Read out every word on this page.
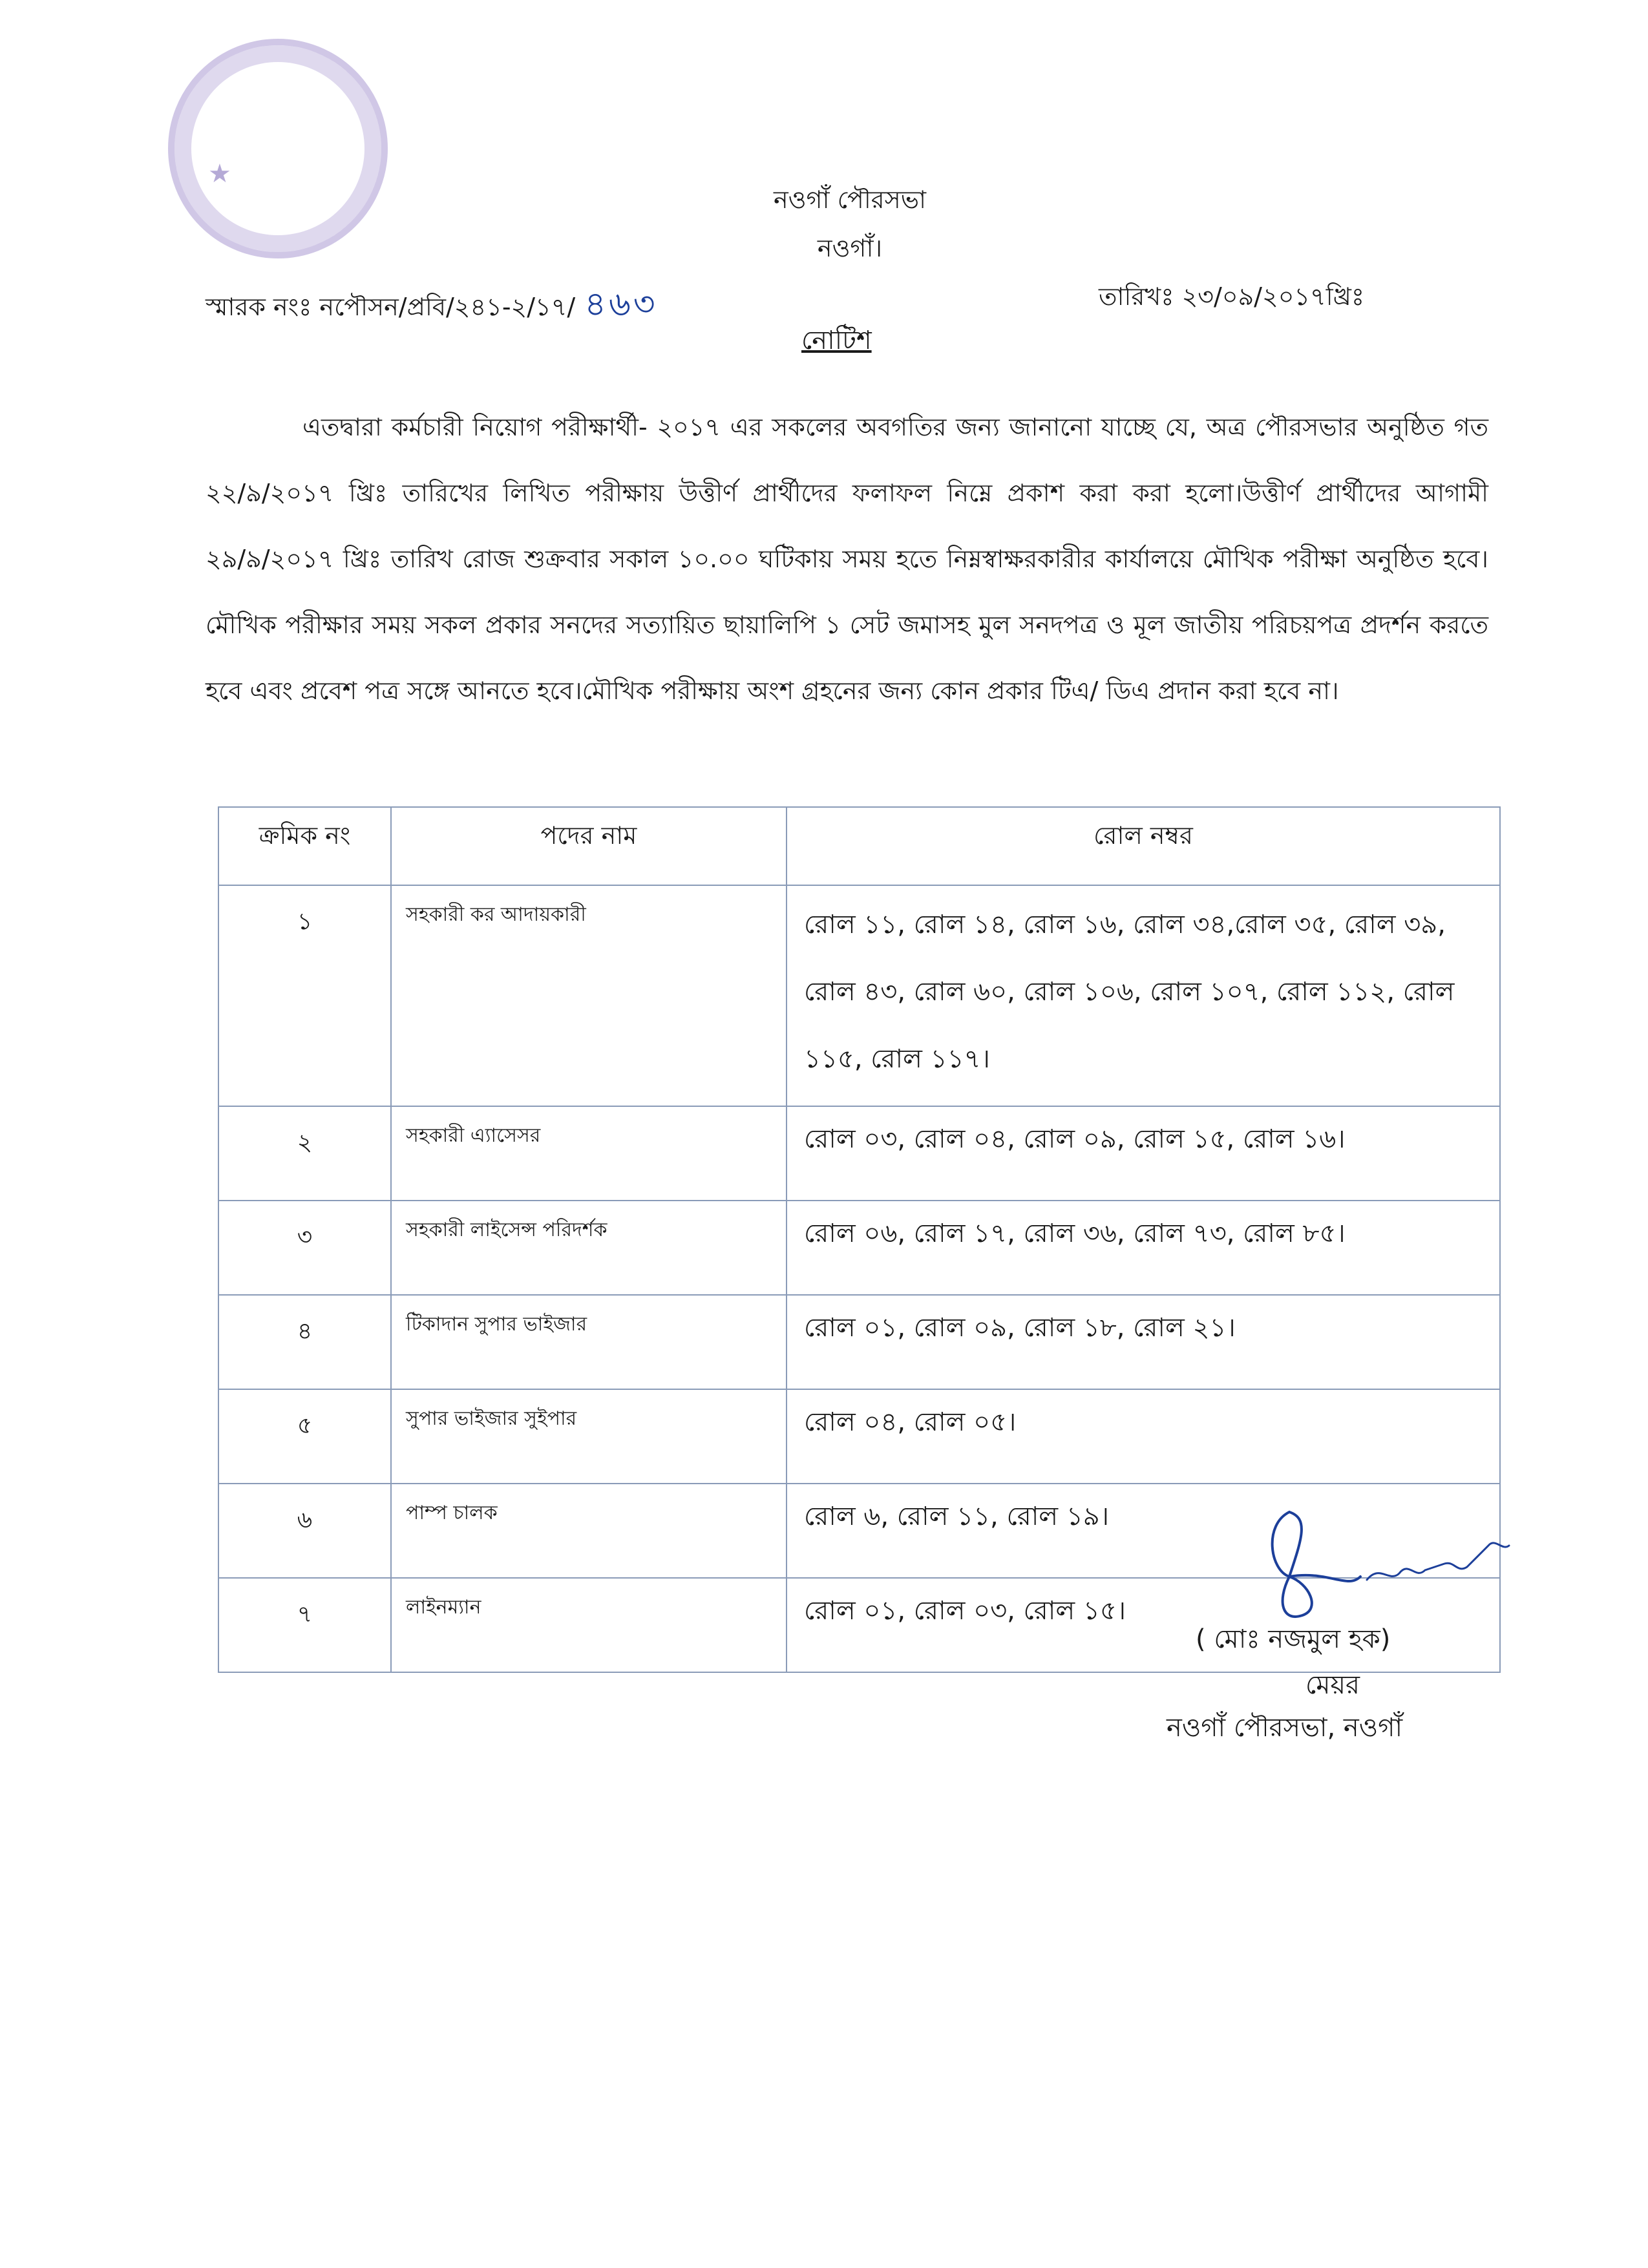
★
নওগাঁ পৌরসভা
নওগাঁ।
স্মারক নংঃ নপৌসন/প্রবি/২৪১-২/১৭/ ৪৬৩	তারিখঃ ২৩/০৯/২০১৭খ্রিঃ
নোটিশ
এতদ্বারা কর্মচারী নিয়োগ পরীক্ষার্থী- ২০১৭ এর সকলের অবগতির জন্য জানানো যাচ্ছে যে, অত্র পৌরসভার অনুষ্ঠিত গত ২২/৯/২০১৭ খ্রিঃ তারিখের লিখিত পরীক্ষায় উত্তীর্ণ প্রার্থীদের ফলাফল নিম্নে প্রকাশ করা করা হলো।উত্তীর্ণ প্রার্থীদের আগামী ২৯/৯/২০১৭ খ্রিঃ তারিখ রোজ শুক্রবার সকাল ১০.০০ ঘটিকায় সময় হতে নিম্নস্বাক্ষরকারীর কার্যালয়ে মৌখিক পরীক্ষা অনুষ্ঠিত হবে। মৌখিক পরীক্ষার সময় সকল প্রকার সনদের সত্যায়িত ছায়ালিপি ১ সেট জমাসহ মুল সনদপত্র ও মূল জাতীয় পরিচয়পত্র প্রদর্শন করতে হবে এবং প্রবেশ পত্র সঙ্গে আনতে হবে।মৌখিক পরীক্ষায় অংশ গ্রহনের জন্য কোন প্রকার টিএ/ ডিএ প্রদান করা হবে না।
ক্রমিক নং	পদের নাম	রোল নম্বর
১	সহকারী কর আদায়কারী	রোল ১১, রোল ১৪, রোল ১৬, রোল ৩৪,রোল ৩৫, রোল ৩৯, রোল ৪৩, রোল ৬০, রোল ১০৬, রোল ১০৭, রোল ১১২, রোল ১১৫, রোল ১১৭।
২	সহকারী এ্যাসেসর	রোল ০৩, রোল ০৪, রোল ০৯, রোল ১৫, রোল ১৬।
৩	সহকারী লাইসেন্স পরিদর্শক	রোল ০৬, রোল ১৭, রোল ৩৬, রোল ৭৩, রোল ৮৫।
৪	টিকাদান সুপার ভাইজার	রোল ০১, রোল ০৯, রোল ১৮, রোল ২১।
৫	সুপার ভাইজার সুইপার	রোল ০৪, রোল ০৫।
৬	পাম্প চালক	রোল ৬, রোল ১১, রোল ১৯।
৭	লাইনম্যান	রোল ০১, রোল ০৩, রোল ১৫।
( মোঃ নজমুল হক)
মেয়র
নওগাঁ পৌরসভা, নওগাঁ
